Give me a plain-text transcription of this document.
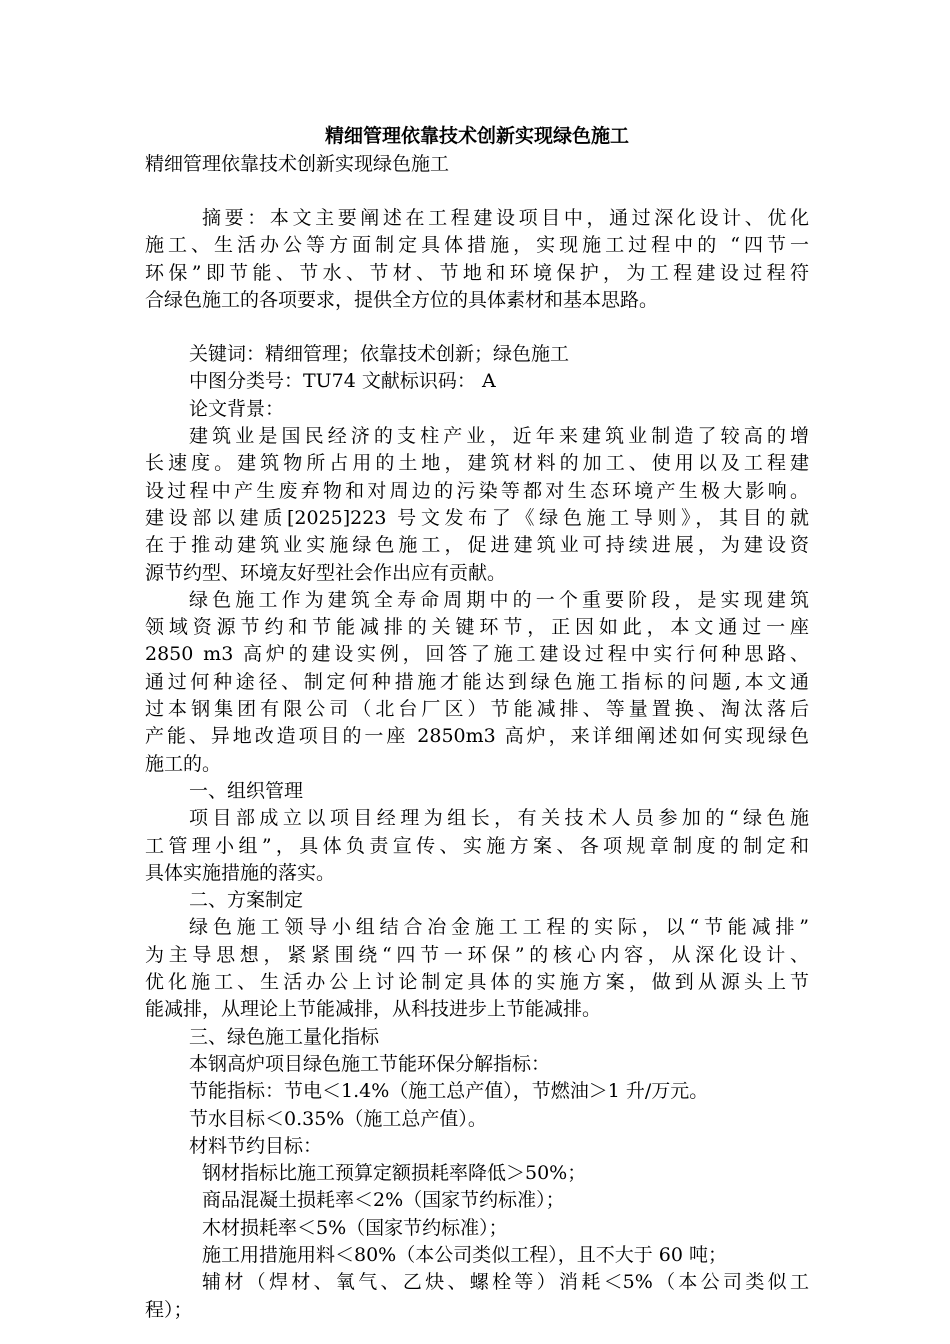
精细管理依靠技术创新实现绿色施工

精细管理依靠技术创新实现绿色施工

摘要：本文主要阐述在工程建设项目中，通过深化设计、优化

施工、生活办公等方面制定具体措施，实现施工过程中的 “四节一

环保”即节能、节水、节材、节地和环境保护，为工程建设过程符

合绿色施工的各项要求，提供全方位的具体素材和基本思路。

关键词：精细管理；依靠技术创新；绿色施工

中图分类号：TU74 文献标识码： A

论文背景：

建筑业是国民经济的支柱产业，近年来建筑业制造了较高的增

长速度。建筑物所占用的土地，建筑材料的加工、使用以及工程建

设过程中产生废弃物和对周边的污染等都对生态环境产生极大影响。

建设部以建质[2025]223 号文发布了《绿色施工导则》，其目的就

在于推动建筑业实施绿色施工，促进建筑业可持续进展，为建设资

源节约型、环境友好型社会作出应有贡献。

绿色施工作为建筑全寿命周期中的一个重要阶段，是实现建筑

领域资源节约和节能减排的关键环节，正因如此，本文通过一座

2850 m3 高炉的建设实例，回答了施工建设过程中实行何种思路、

通过何种途径、制定何种措施才能达到绿色施工指标的问题,本文通

过本钢集团有限公司（北台厂区）节能减排、等量置换、淘汰落后

产能、异地改造项目的一座 2850m3 高炉，来详细阐述如何实现绿色

施工的。

一、组织管理

项目部成立以项目经理为组长，有关技术人员参加的“绿色施

工管理小组”，具体负责宣传、实施方案、各项规章制度的制定和

具体实施措施的落实。

二、方案制定

绿色施工领导小组结合冶金施工工程的实际，以“节能减排”

为主导思想，紧紧围绕“四节一环保”的核心内容，从深化设计、

优化施工、生活办公上讨论制定具体的实施方案，做到从源头上节

能减排，从理论上节能减排，从科技进步上节能减排。

三、绿色施工量化指标

本钢高炉项目绿色施工节能环保分解指标：

节能指标：节电＜1.4%（施工总产值），节燃油＞1 升/万元。

节水目标＜0.35%（施工总产值）。

材料节约目标：

钢材指标比施工预算定额损耗率降低＞50%；

商品混凝土损耗率＜2%（国家节约标准）；

木材损耗率＜5%（国家节约标准）；

施工用措施用料＜80%（本公司类似工程），且不大于 60 吨；

辅材（焊材、氧气、乙炔、螺栓等）消耗＜5%（本公司类似工

程）；
